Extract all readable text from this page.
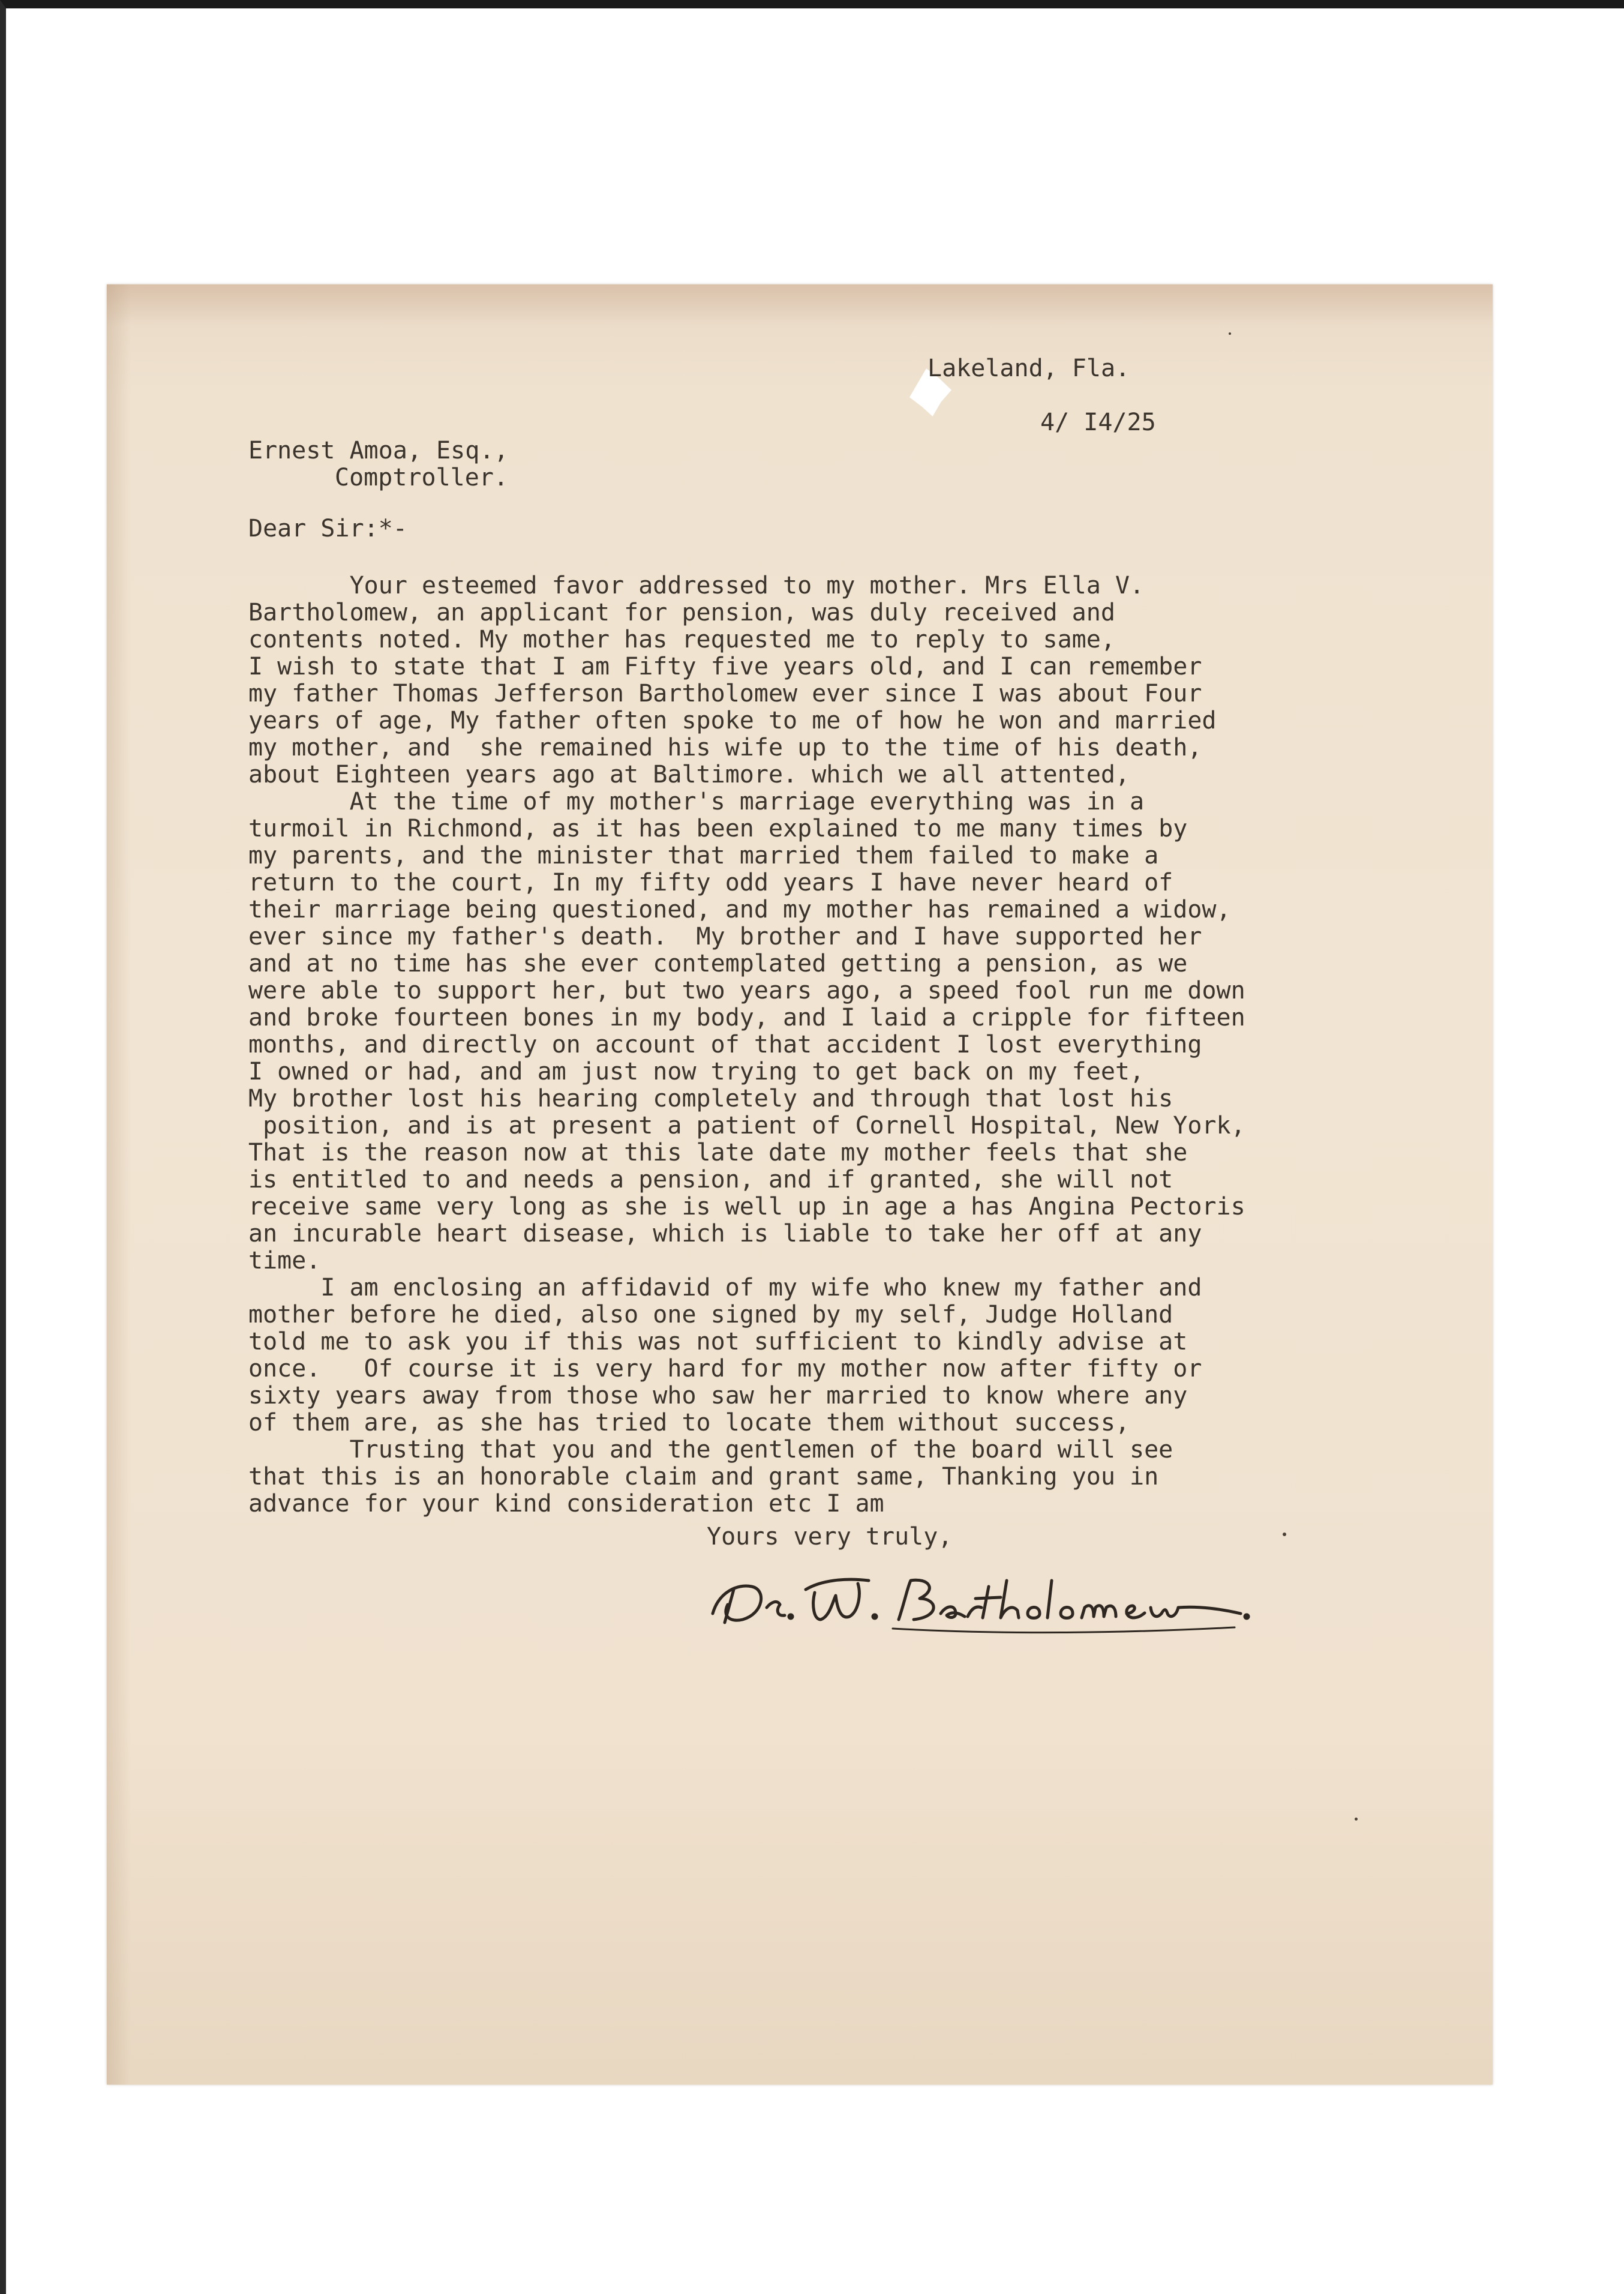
Lakeland, Fla.

4/ I4/25

Ernest Amoa, Esq.,

Comptroller.

Dear Sir:*-

Your esteemed favor addressed to my mother. Mrs Ella V.

Bartholomew, an applicant for pension, was duly received and

contents noted. My mother has requested me to reply to same,

I wish to state that I am Fifty five years old, and I can remember

my father Thomas Jefferson Bartholomew ever since I was about Four

years of age, My father often spoke to me of how he won and married

my mother, and  she remained his wife up to the time of his death,

about Eighteen years ago at Baltimore. which we all attented,

At the time of my mother's marriage everything was in a

turmoil in Richmond, as it has been explained to me many times by

my parents, and the minister that married them failed to make a

return to the court, In my fifty odd years I have never heard of

their marriage being questioned, and my mother has remained a widow,

ever since my father's death.  My brother and I have supported her

and at no time has she ever contemplated getting a pension, as we

were able to support her, but two years ago, a speed fool run me down

and broke fourteen bones in my body, and I laid a cripple for fifteen

months, and directly on account of that accident I lost everything

I owned or had, and am just now trying to get back on my feet,

My brother lost his hearing completely and through that lost his

position, and is at present a patient of Cornell Hospital, New York,

That is the reason now at this late date my mother feels that she

is entitled to and needs a pension, and if granted, she will not

receive same very long as she is well up in age a has Angina Pectoris

an incurable heart disease, which is liable to take her off at any

time.

I am enclosing an affidavid of my wife who knew my father and

mother before he died, also one signed by my self, Judge Holland

told me to ask you if this was not sufficient to kindly advise at

once.   Of course it is very hard for my mother now after fifty or

sixty years away from those who saw her married to know where any

of them are, as she has tried to locate them without success,

Trusting that you and the gentlemen of the board will see

that this is an honorable claim and grant same, Thanking you in

advance for your kind consideration etc I am

Yours very truly,
